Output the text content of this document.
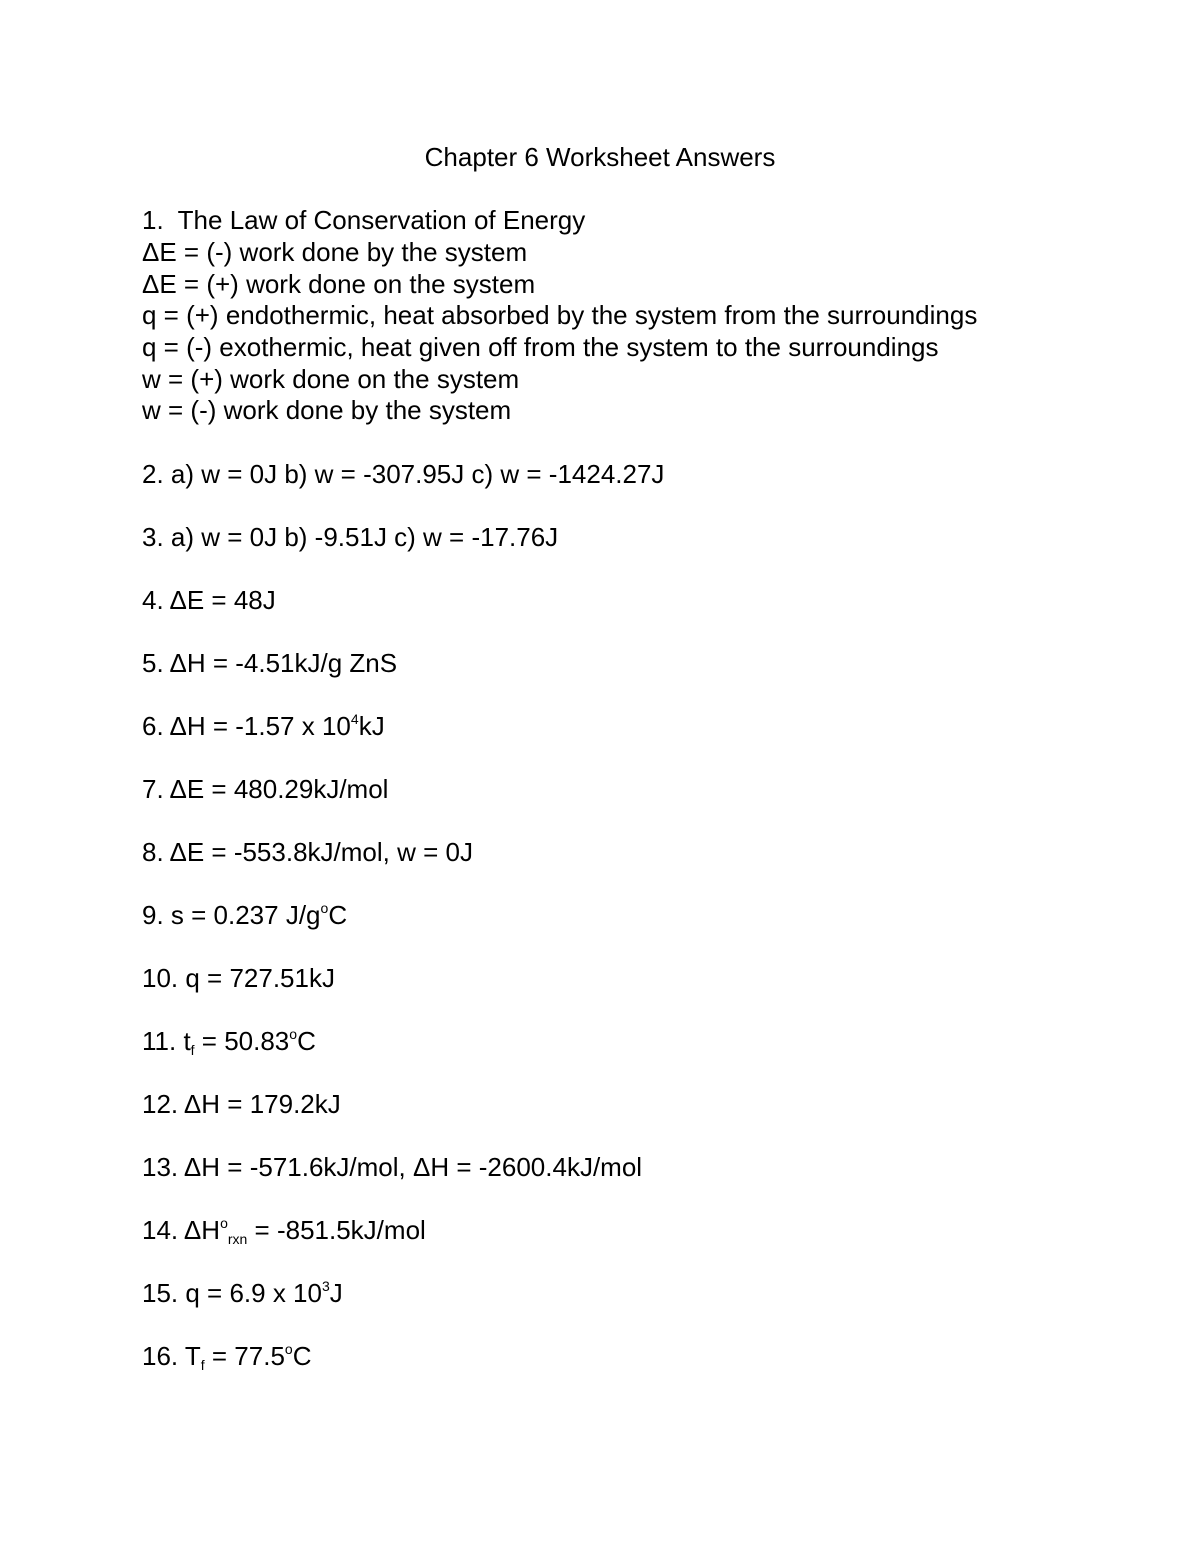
Chapter 6 Worksheet Answers

1. The Law of Conservation of Energy

ΔE = (-) work done by the system

ΔE = (+) work done on the system

q = (+) endothermic, heat absorbed by the system from the surroundings

q = (-) exothermic, heat given off from the system to the surroundings

w = (+) work done on the system

w = (-) work done by the system

2. a) w = 0J b) w = -307.95J c) w = -1424.27J

3. a) w = 0J b) -9.51J c) w = -17.76J

4. ΔE = 48J

5. ΔH = -4.51kJ/g ZnS

6. ΔH = -1.57 x $10^4kJ$

7. ΔE = 480.29kJ/mol

8. ΔE = -553.8kJ/mol, w = 0J

9. s = 0.237 $J/g^oC$

10. q = 727.51kJ

11. $t_f = 50.83^oC$

12. ΔH = 179.2kJ

13. ΔH = -571.6kJ/mol, ΔH = -2600.4kJ/mol

14. $\Delta H^o_{rxn} = -851.5kJ/mol$

15. q = 6.9 x $10^3J$

16. $T_f = 77.5^oC$
